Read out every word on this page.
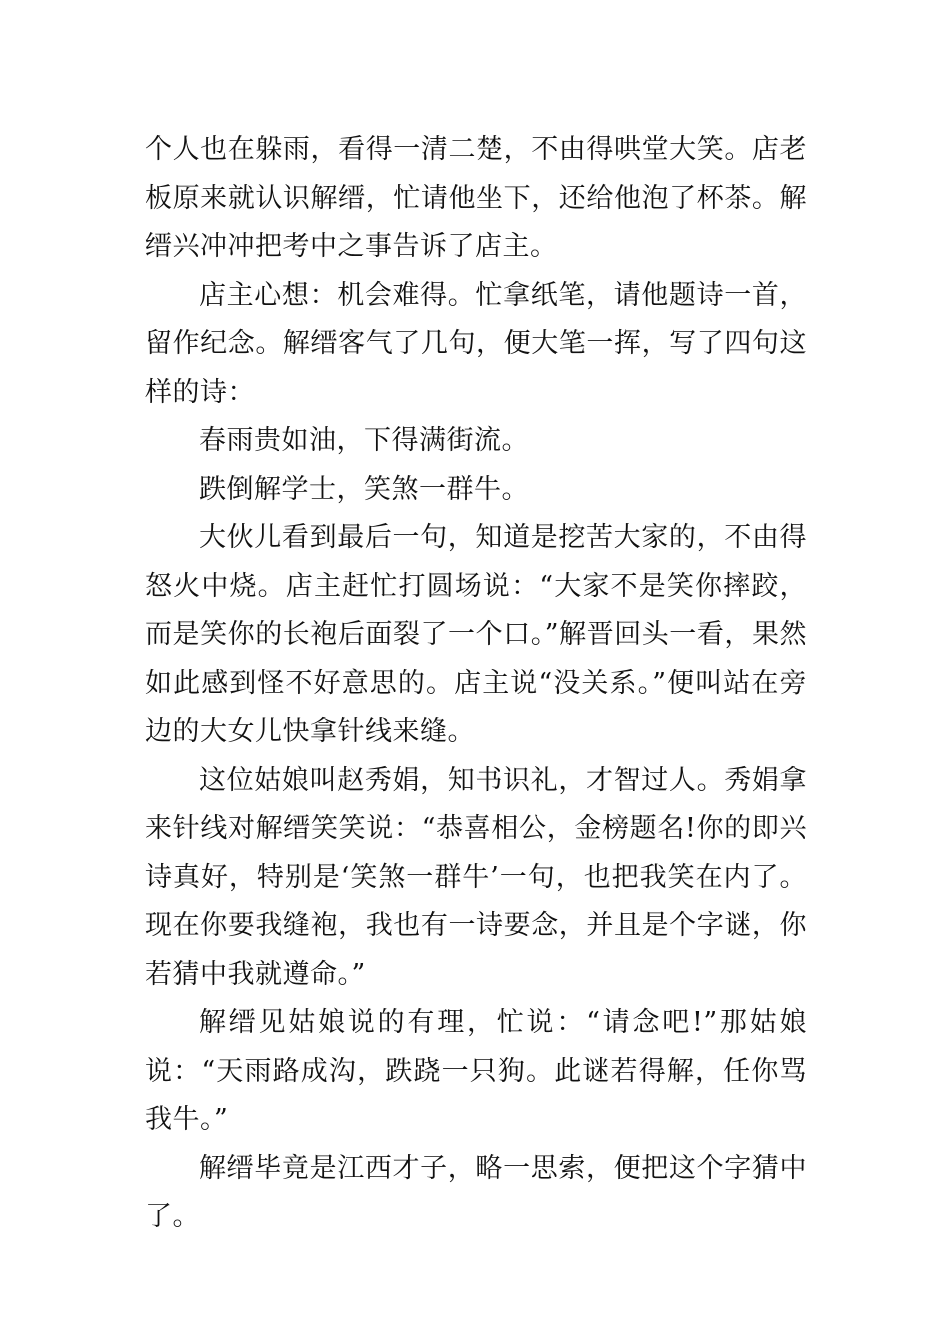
个人也在躲雨，看得一清二楚，不由得哄堂大笑。店老板原来就认识解缙，忙请他坐下，还给他泡了杯茶。解缙兴冲冲把考中之事告诉了店主。

店主心想：机会难得。忙拿纸笔，请他题诗一首，留作纪念。解缙客气了几句，便大笔一挥，写了四句这样的诗：

春雨贵如油，下得满街流。

跌倒解学士，笑煞一群牛。

大伙儿看到最后一句，知道是挖苦大家的，不由得怒火中烧。店主赶忙打圆场说：“大家不是笑你摔跤，而是笑你的长袍后面裂了一个口。”解晋回头一看，果然如此感到怪不好意思的。店主说“没关系。”便叫站在旁边的大女儿快拿针线来缝。

这位姑娘叫赵秀娟，知书识礼，才智过人。秀娟拿来针线对解缙笑笑说：“恭喜相公，金榜题名!你的即兴诗真好，特别是‘笑煞一群牛’一句，也把我笑在内了。现在你要我缝袍，我也有一诗要念，并且是个字谜，你若猜中我就遵命。”

解缙见姑娘说的有理，忙说：“请念吧!”那姑娘说：“天雨路成沟，跌跷一只狗。此谜若得解，任你骂我牛。”

解缙毕竟是江西才子，略一思索，便把这个字猜中了。
